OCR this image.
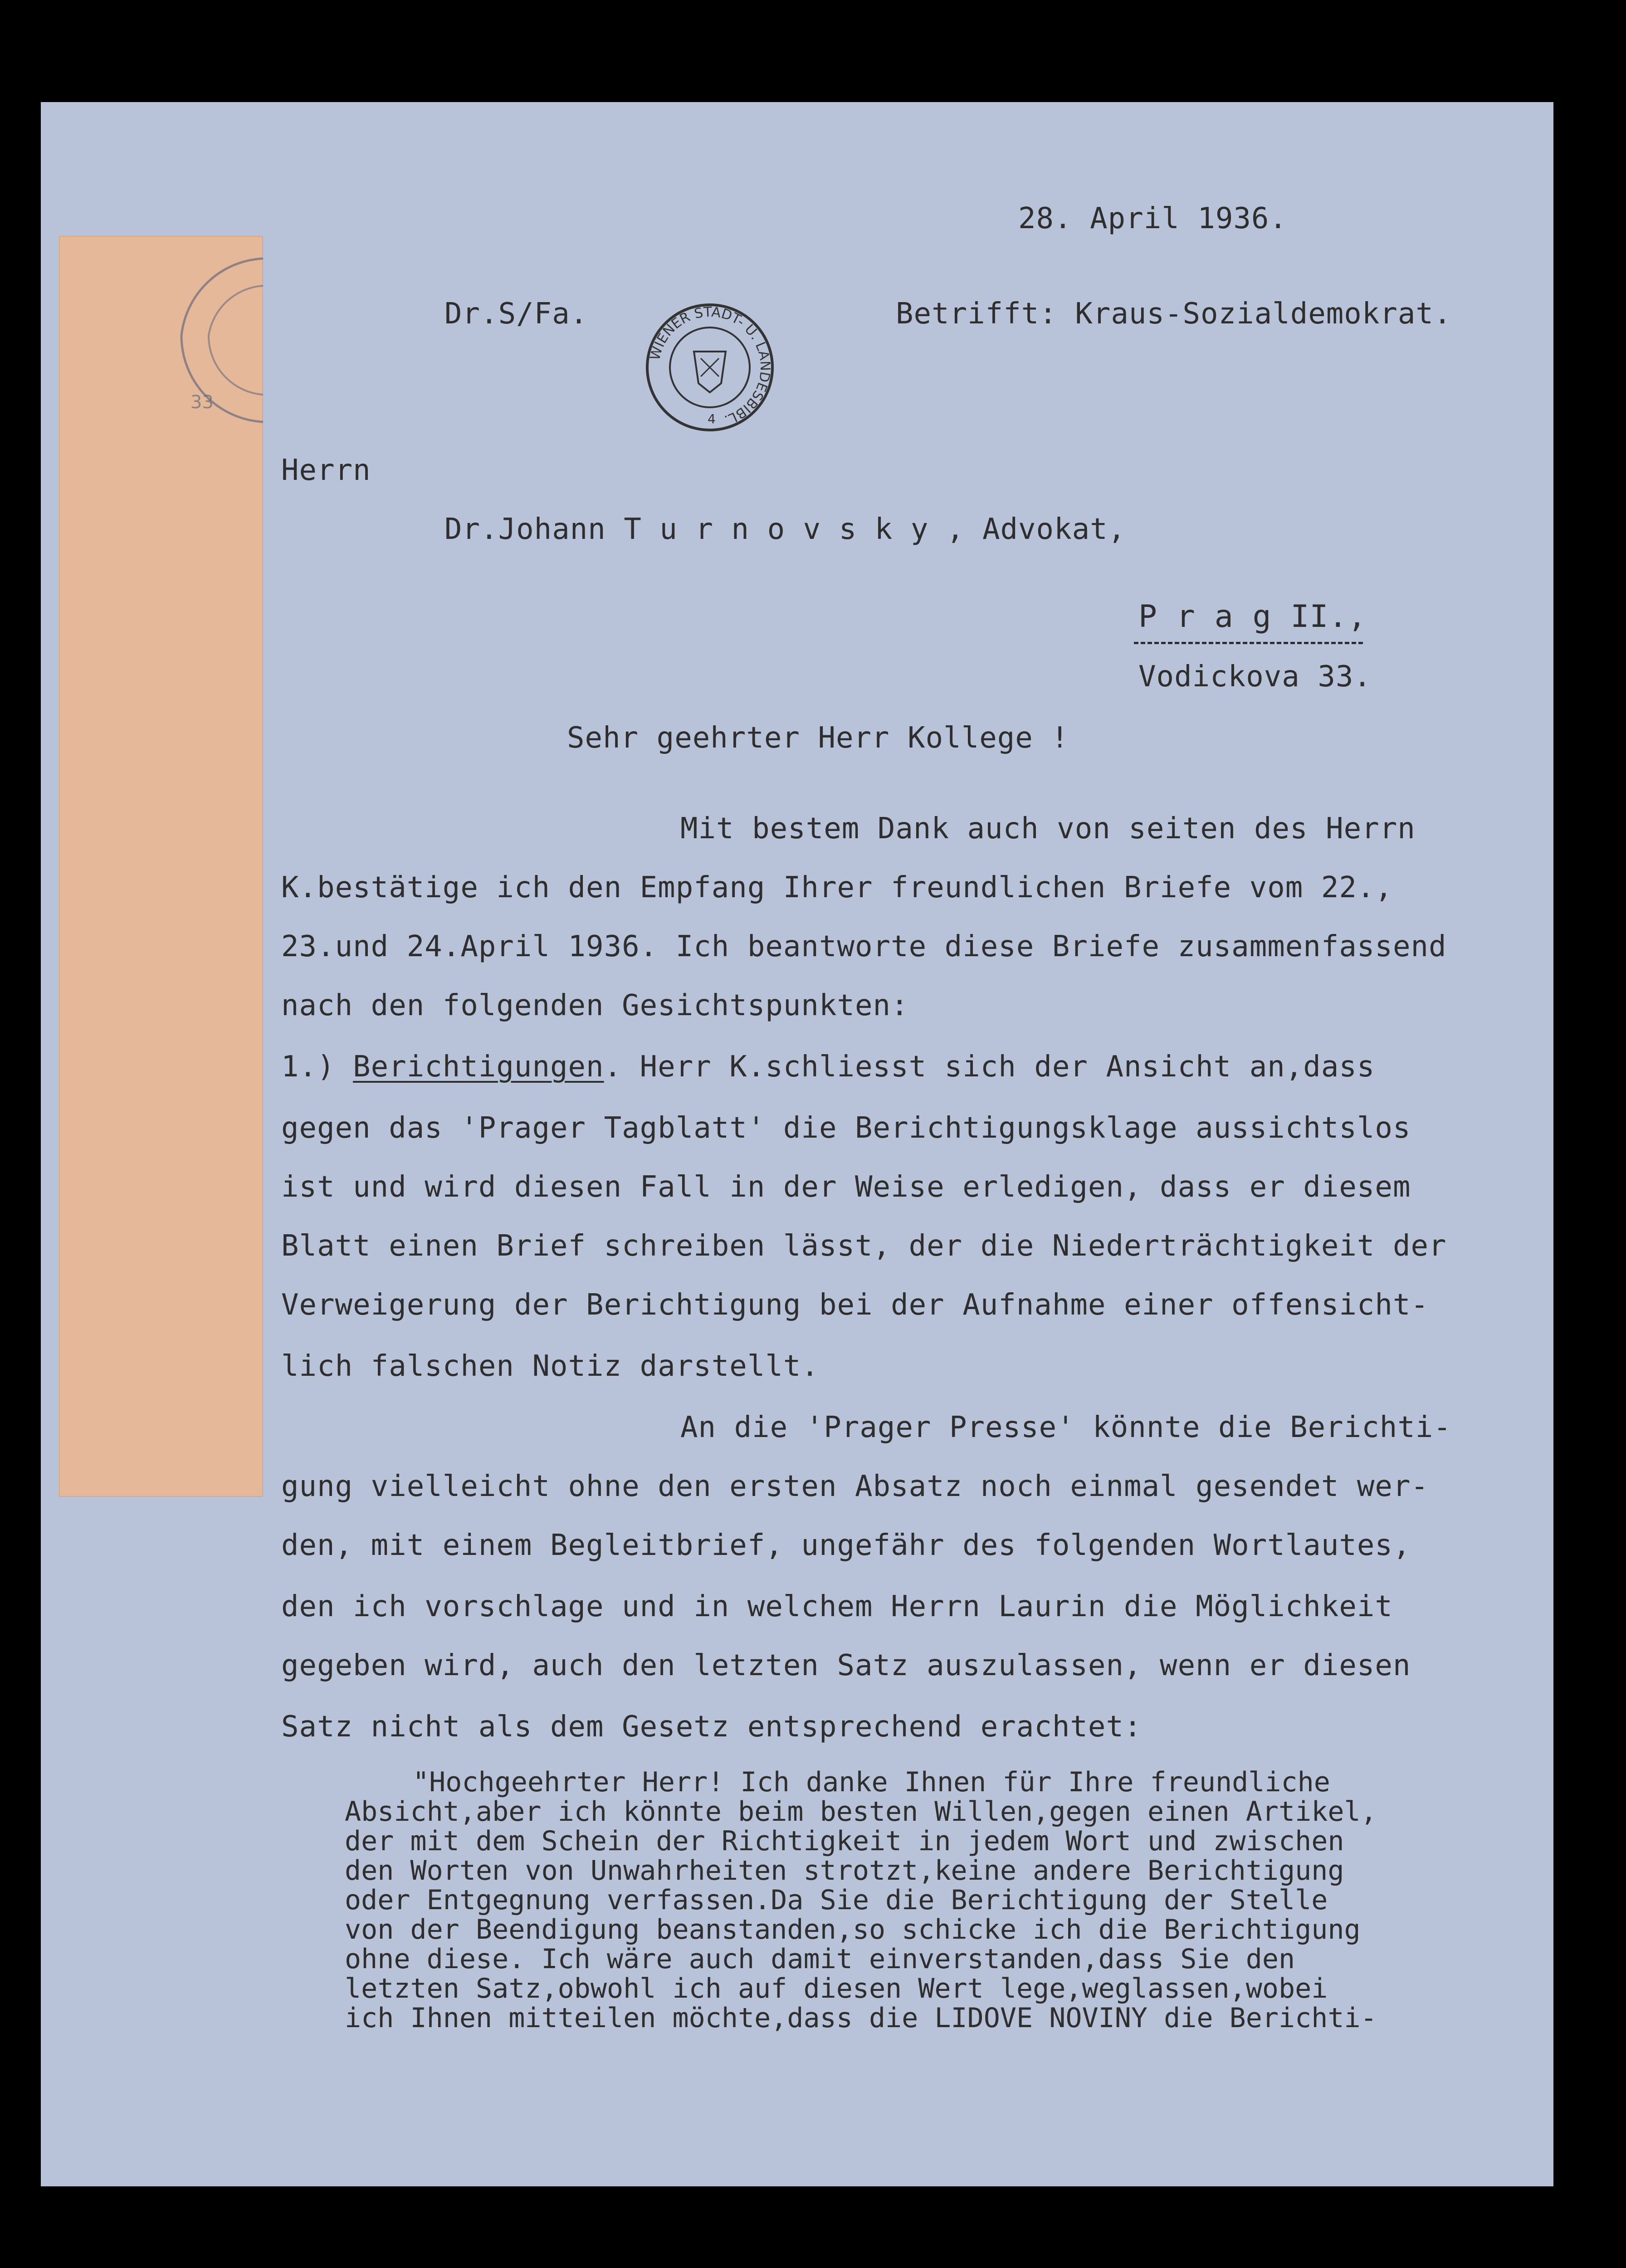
33
WIENER STADT- U. LANDESBIBL.
4
28. April 1936.
Dr.S/Fa.	Betrifft: Kraus-Sozialdemokrat.
Herrn
Dr.Johann T u r n o v s k y , Advokat,
P r a g II.,
Vodickova 33.
Sehr geehrter Herr Kollege !
Mit bestem Dank auch von seiten des Herrn
K.bestätige ich den Empfang Ihrer freundlichen Briefe vom 22.,
23.und 24.April 1936. Ich beantworte diese Briefe zusammenfassend
nach den folgenden Gesichtspunkten:
1.) Berichtigungen. Herr K.schliesst sich der Ansicht an,dass
gegen das 'Prager Tagblatt' die Berichtigungsklage aussichtslos
ist und wird diesen Fall in der Weise erledigen, dass er diesem
Blatt einen Brief schreiben lässt, der die Niederträchtigkeit der
Verweigerung der Berichtigung bei der Aufnahme einer offensicht-
lich falschen Notiz darstellt.
An die 'Prager Presse' könnte die Berichti-
gung vielleicht ohne den ersten Absatz noch einmal gesendet wer-
den, mit einem Begleitbrief, ungefähr des folgenden Wortlautes,
den ich vorschlage und in welchem Herrn Laurin die Möglichkeit
gegeben wird, auch den letzten Satz auszulassen, wenn er diesen
Satz nicht als dem Gesetz entsprechend erachtet:
"Hochgeehrter Herr! Ich danke Ihnen für Ihre freundliche
Absicht,aber ich könnte beim besten Willen,gegen einen Artikel,
der mit dem Schein der Richtigkeit in jedem Wort und zwischen
den Worten von Unwahrheiten strotzt,keine andere Berichtigung
oder Entgegnung verfassen.Da Sie die Berichtigung der Stelle
von der Beendigung beanstanden,so schicke ich die Berichtigung
ohne diese. Ich wäre auch damit einverstanden,dass Sie den
letzten Satz,obwohl ich auf diesen Wert lege,weglassen,wobei
ich Ihnen mitteilen möchte,dass die LIDOVE NOVINY die Berichti-
